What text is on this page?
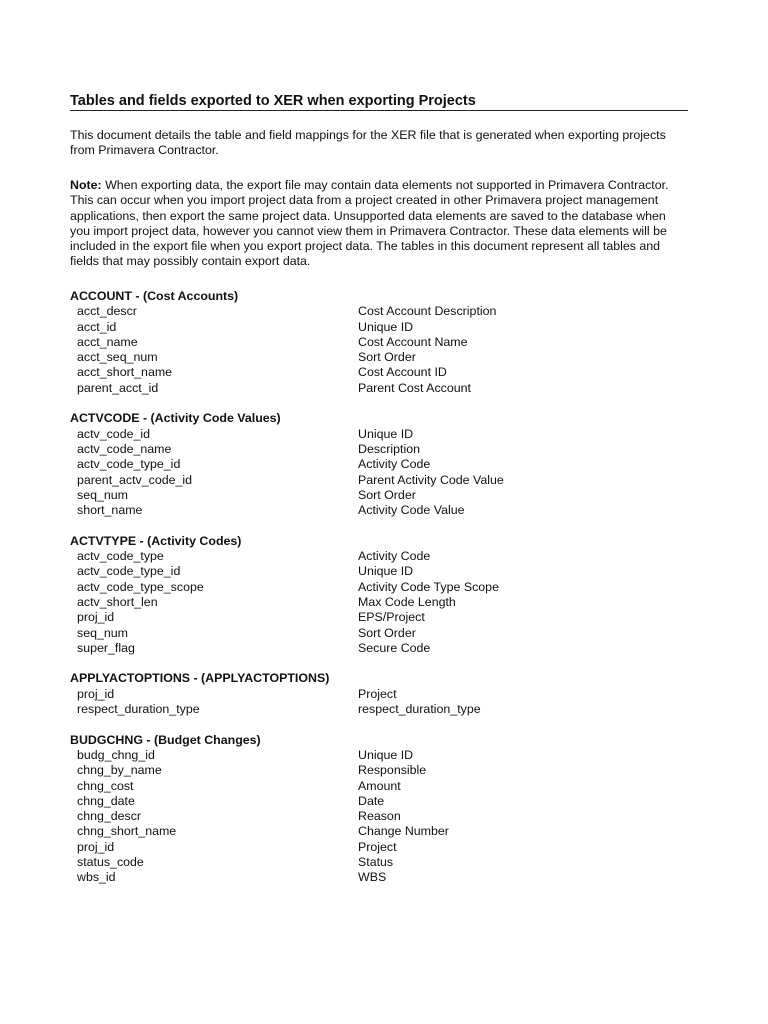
Tables and fields exported to XER when exporting Projects
This document details the table and field mappings for the XER file that is generated when exporting projects from Primavera Contractor.
Note: When exporting data, the export file may contain data elements not supported in Primavera Contractor. This can occur when you import project data from a project created in other Primavera project management applications, then export the same project data. Unsupported data elements are saved to the database when you import project data, however you cannot view them in Primavera Contractor. These data elements will be included in the export file when you export project data. The tables in this document represent all tables and fields that may possibly contain export data.
ACCOUNT - (Cost Accounts)
acct_descr	Cost Account Description
acct_id	Unique ID
acct_name	Cost Account Name
acct_seq_num	Sort Order
acct_short_name	Cost Account ID
parent_acct_id	Parent Cost Account
ACTVCODE - (Activity Code Values)
actv_code_id	Unique ID
actv_code_name	Description
actv_code_type_id	Activity Code
parent_actv_code_id	Parent Activity Code Value
seq_num	Sort Order
short_name	Activity Code Value
ACTVTYPE - (Activity Codes)
actv_code_type	Activity Code
actv_code_type_id	Unique ID
actv_code_type_scope	Activity Code Type Scope
actv_short_len	Max Code Length
proj_id	EPS/Project
seq_num	Sort Order
super_flag	Secure Code
APPLYACTOPTIONS - (APPLYACTOPTIONS)
proj_id	Project
respect_duration_type	respect_duration_type
BUDGCHNG - (Budget Changes)
budg_chng_id	Unique ID
chng_by_name	Responsible
chng_cost	Amount
chng_date	Date
chng_descr	Reason
chng_short_name	Change Number
proj_id	Project
status_code	Status
wbs_id	WBS
